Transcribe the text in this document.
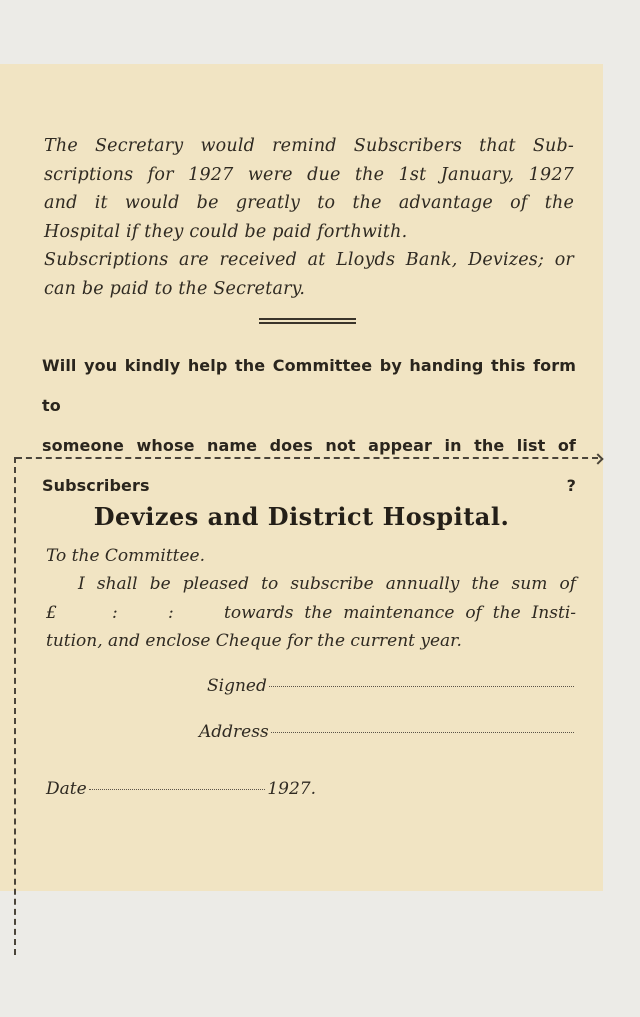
The Secretary would remind Subscribers that Sub-

scriptions for 1927 were due the 1st January, 1927

and it would be greatly to the advantage of the

Hospital if they could be paid forthwith.

Subscriptions are received at Lloyds Bank, Devizes; or

can be paid to the Secretary.

Will you kindly help the Committee by handing this form to

someone whose name does not appear in the list of Subscribers ?

Devizes and District Hospital.

To the Committee.

I shall be pleased to subscribe annually the sum of

£	:	:	towards the maintenance of the Insti-

tution, and enclose Cheque for the current year.

Signed
Address
Date	1927.
